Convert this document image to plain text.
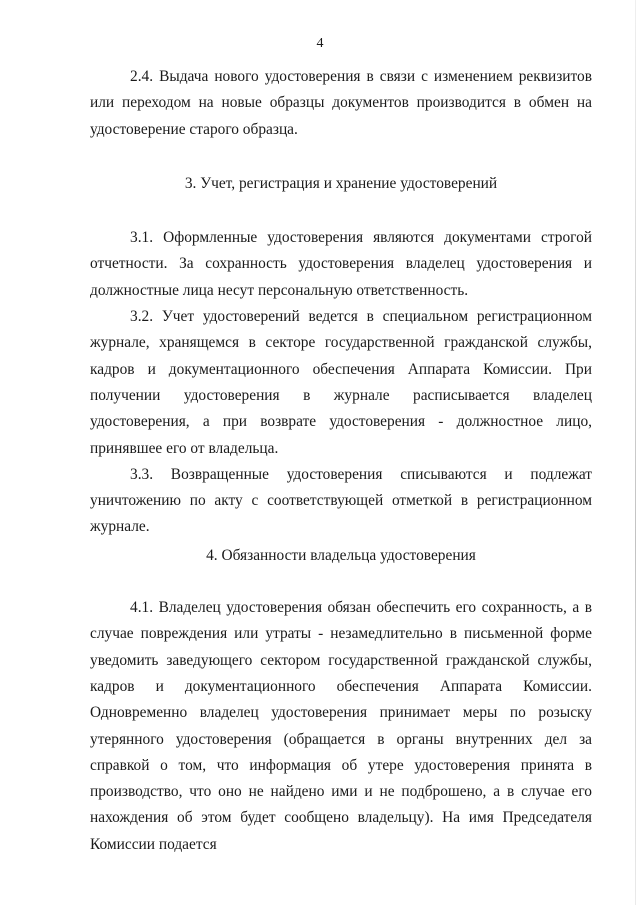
4

2.4. Выдача нового удостоверения в связи с изменением реквизитов или переходом на новые образцы документов производится в обмен на удостоверение старого образца.

3. Учет, регистрация и хранение удостоверений

3.1. Оформленные удостоверения являются документами строгой отчетности. За сохранность удостоверения владелец удостоверения и должностные лица несут персональную ответственность.

3.2. Учет удостоверений ведется в специальном регистрационном журнале, хранящемся в секторе государственной гражданской службы, кадров и документационного обеспечения Аппарата Комиссии. При получении удостоверения в журнале расписывается владелец удостоверения, а при возврате удостоверения - должностное лицо, принявшее его от владельца.

3.3. Возвращенные удостоверения списываются и подлежат уничтожению по акту с соответствующей отметкой в регистрационном журнале.

4. Обязанности владельца удостоверения

4.1. Владелец удостоверения обязан обеспечить его сохранность, а в случае повреждения или утраты - незамедлительно в письменной форме уведомить заведующего сектором государственной гражданской службы, кадров и документационного обеспечения Аппарата Комиссии. Одновременно владелец удостоверения принимает меры по розыску утерянного удостоверения (обращается в органы внутренних дел за справкой о том, что информация об утере удостоверения принята в производство, что оно не найдено ими и не подброшено, а в случае его нахождения об этом будет сообщено владельцу). На имя Председателя Комиссии подается
